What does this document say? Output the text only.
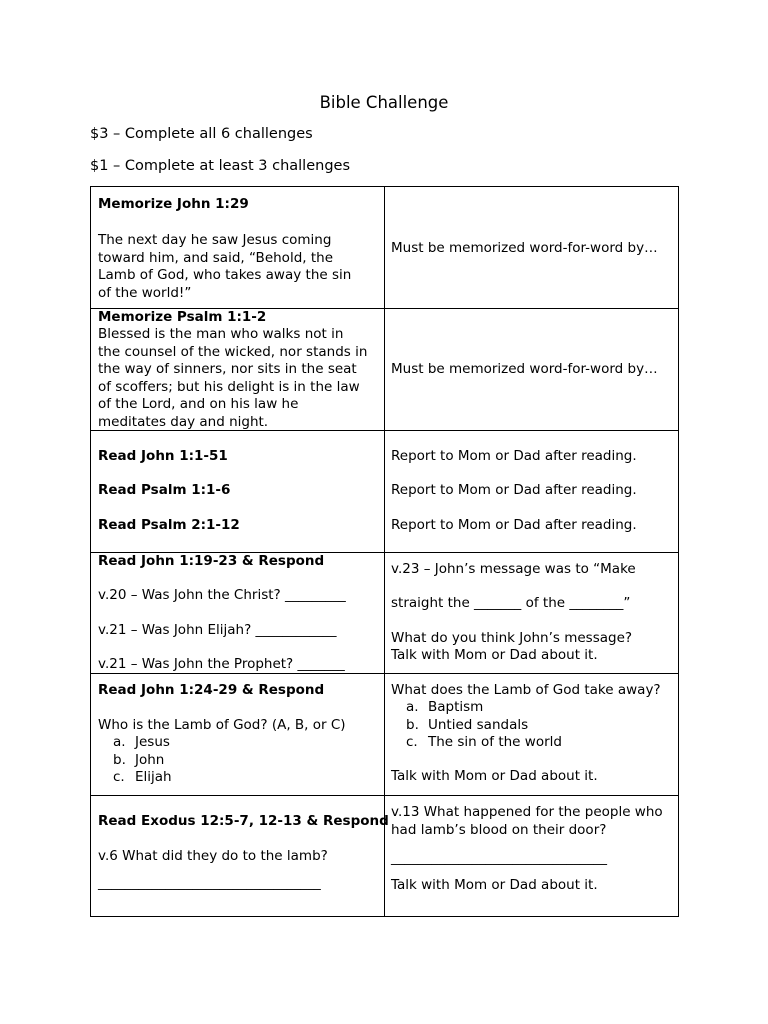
Bible Challenge
$3 – Complete all 6 challenges
$1 – Complete at least 3 challenges
Memorize John 1:29
The next day he saw Jesus coming
toward him, and said, “Behold, the
Lamb of God, who takes away the sin
of the world!”
Must be memorized word-for-word by…
Memorize Psalm 1:1-2
Blessed is the man who walks not in
the counsel of the wicked, nor stands in
the way of sinners, nor sits in the seat
of scoffers; but his delight is in the law
of the Lord, and on his law he
meditates day and night.
Must be memorized word-for-word by…
Read John 1:1-51
Read Psalm 1:1-6
Read Psalm 2:1-12
Report to Mom or Dad after reading.
Report to Mom or Dad after reading.
Report to Mom or Dad after reading.
Read John 1:19-23 & Respond
v.20 – Was John the Christ? _________
v.21 – Was John Elijah? ____________
v.21 – Was John the Prophet? _______
v.23 – John’s message was to “Make
straight the _______ of the ________”
What do you think John’s message?
Talk with Mom or Dad about it.
Read John 1:24-29 & Respond
Who is the Lamb of God? (A, B, or C)
a. Jesus
b. John
c. Elijah
What does the Lamb of God take away?
a. Baptism
b. Untied sandals
c. The sin of the world
Talk with Mom or Dad about it.
Read Exodus 12:5-7, 12-13 & Respond
v.6 What did they do to the lamb?
_________________________________
v.13 What happened for the people who
had lamb’s blood on their door?
________________________________
Talk with Mom or Dad about it.
